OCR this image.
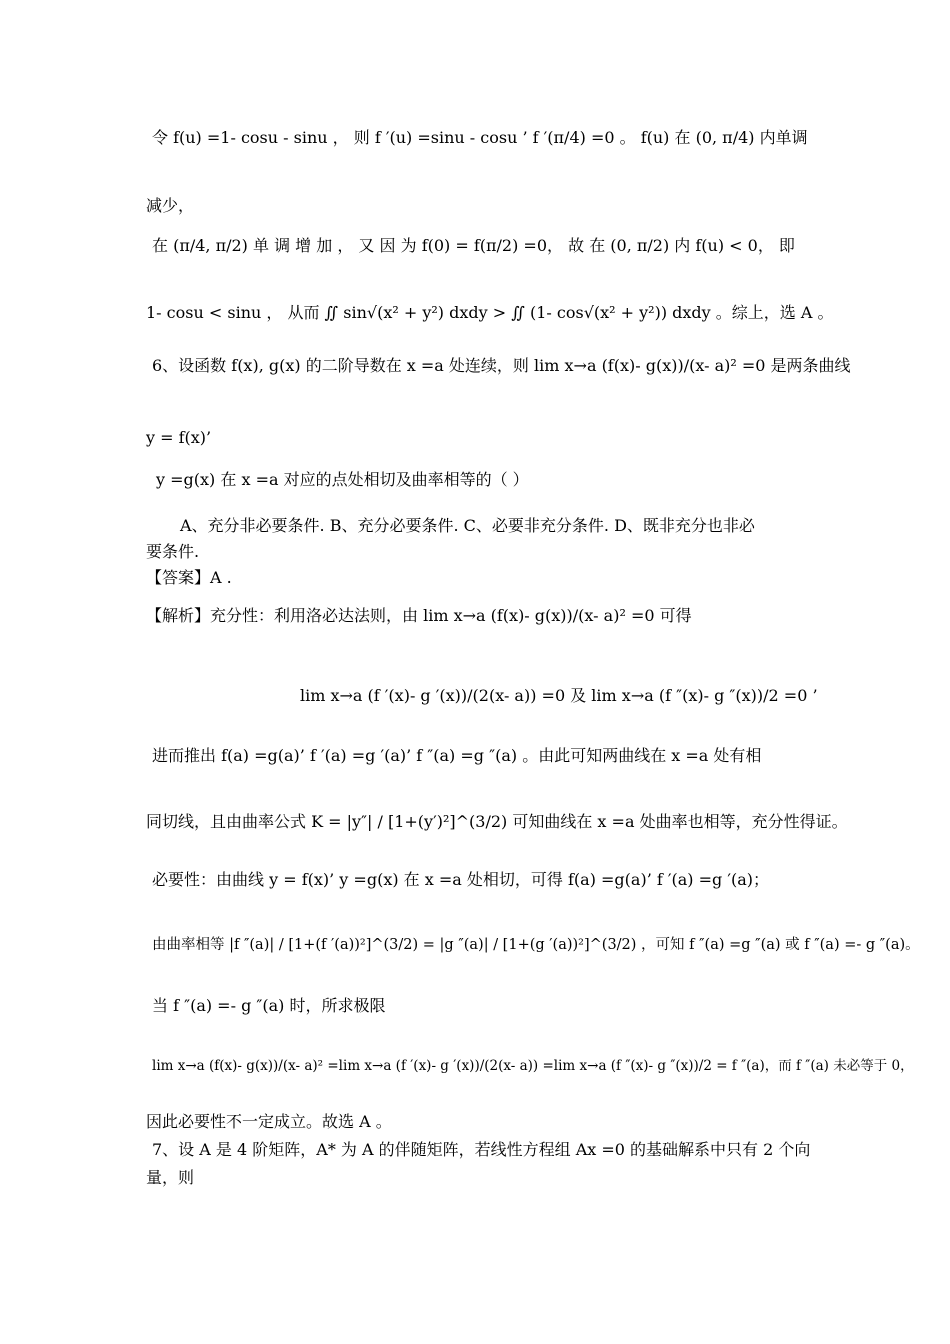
令 f(u) =1- cosu - sinu ， 则 f ′(u) =sinu - cosu ’ f ′(π/4) =0 。 f(u) 在 (0, π/4) 内单调
减少，
在 (π/4, π/2) 单 调 增 加 ， 又 因 为 f(0) = f(π/2) =0， 故 在 (0, π/2) 内 f(u) < 0， 即
1- cosu < sinu ， 从而 ∬ sin√(x² + y²) dxdy > ∬ (1- cos√(x² + y²)) dxdy 。综上，选 A 。
6、设函数 f(x), g(x) 的二阶导数在 x =a 处连续，则 lim x→a (f(x)- g(x))/(x- a)² =0 是两条曲线
y = f(x)’
y =g(x) 在 x =a 对应的点处相切及曲率相等的（ ）
A、充分非必要条件. B、充分必要条件. C、必要非充分条件. D、既非充分也非必
要条件.
【答案】A .
【解析】充分性：利用洛必达法则，由 lim x→a (f(x)- g(x))/(x- a)² =0 可得
lim x→a (f ′(x)- g ′(x))/(2(x- a)) =0 及 lim x→a (f ″(x)- g ″(x))/2 =0 ’
进而推出 f(a) =g(a)’ f ′(a) =g ′(a)’ f ″(a) =g ″(a) 。由此可知两曲线在 x =a 处有相
同切线，且由曲率公式 K = |y″| / [1+(y′)²]^(3/2) 可知曲线在 x =a 处曲率也相等，充分性得证。
必要性：由曲线 y = f(x)’ y =g(x) 在 x =a 处相切，可得 f(a) =g(a)’ f ′(a) =g ′(a)；
由曲率相等 |f ″(a)| / [1+(f ′(a))²]^(3/2) = |g ″(a)| / [1+(g ′(a))²]^(3/2) ，可知 f ″(a) =g ″(a) 或 f ″(a) =- g ″(a)。
当 f ″(a) =- g ″(a) 时，所求极限
lim x→a (f(x)- g(x))/(x- a)² =lim x→a (f ′(x)- g ′(x))/(2(x- a)) =lim x→a (f ″(x)- g ″(x))/2 = f ″(a)，而 f ″(a) 未必等于 0，
因此必要性不一定成立。故选 A 。
7、设 A 是 4 阶矩阵，A* 为 A 的伴随矩阵，若线性方程组 Ax =0 的基础解系中只有 2 个向
量，则
